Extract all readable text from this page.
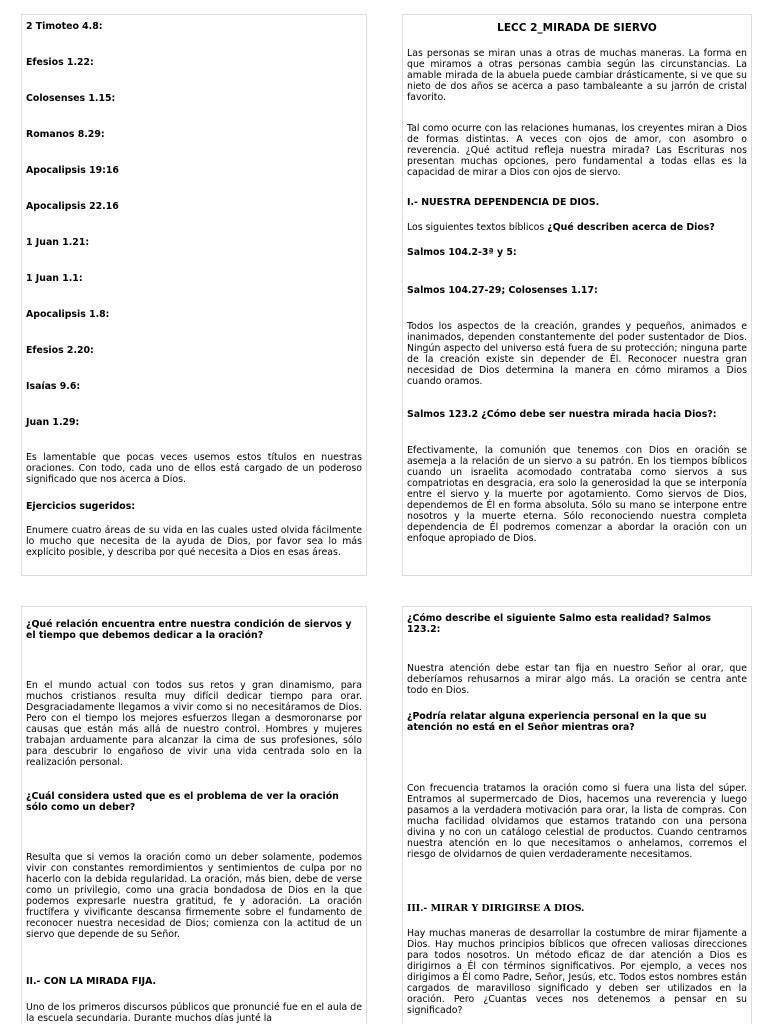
2 Timoteo 4.8:
Efesios 1.22:
Colosenses 1.15:
Romanos 8.29:
Apocalipsis 19:16
Apocalipsis 22.16
1 Juan 1.21:
1 Juan 1.1:
Apocalipsis 1.8:
Efesios 2.20:
Isaías 9.6:
Juan 1.29:

Es lamentable que pocas veces usemos estos títulos en nuestras oraciones. Con todo, cada uno de ellos está cargado de un poderoso significado que nos acerca a Dios.

Ejercicios sugeridos:

Enumere cuatro áreas de su vida en las cuales usted olvida fácilmente lo mucho que necesita de la ayuda de Dios, por favor sea lo más explícito posible, y describa por qué necesita a Dios en esas áreas.

LECC 2_MIRADA DE SIERVO

Las personas se miran unas a otras de muchas maneras. La forma en que miramos a otras personas cambia según las circunstancias. La amable mirada de la abuela puede cambiar drásticamente, si ve que su nieto de dos años se acerca a paso tambaleante a su jarrón de cristal favorito.

Tal como ocurre con las relaciones humanas, los creyentes miran a Dios de formas distintas. A veces con ojos de amor, con asombro o reverencia. ¿Qué actitud refleja nuestra mirada? Las Escrituras nos presentan muchas opciones, pero fundamental a todas ellas es la capacidad de mirar a Dios con ojos de siervo.

I.- NUESTRA DEPENDENCIA DE DIOS.

Los siguientes textos bíblicos ¿Qué describen acerca de Dios?

Salmos 104.2-3ª y 5:
Salmos 104.27-29; Colosenses 1.17:

Todos los aspectos de la creación, grandes y pequeños, animados e inanimados, dependen constantemente del poder sustentador de Dios. Ningún aspecto del universo está fuera de su protección; ninguna parte de la creación existe sin depender de Él. Reconocer nuestra gran necesidad de Dios determina la manera en cómo miramos a Dios cuando oramos.

Salmos 123.2 ¿Cómo debe ser nuestra mirada hacia Dios?:

Efectivamente, la comunión que tenemos con Dios en oración se asemeja a la relación de un siervo a su patrón. En los tiempos bíblicos cuando un israelita acomodado contrataba como siervos a sus compatriotas en desgracia, era solo la generosidad la que se interponía entre el siervo y la muerte por agotamiento. Como siervos de Dios, dependemos de Él en forma absoluta. Sólo su mano se interpone entre nosotros y la muerte eterna. Sólo reconociendo nuestra completa dependencia de Él podremos comenzar a abordar la oración con un enfoque apropiado de Dios.

¿Qué relación encuentra entre nuestra condición de siervos y el tiempo que debemos dedicar a la oración?

En el mundo actual con todos sus retos y gran dinamismo, para muchos cristianos resulta muy difícil dedicar tiempo para orar. Desgraciadamente llegamos a vivir como si no necesitáramos de Dios. Pero con el tiempo los mejores esfuerzos llegan a desmoronarse por causas que están más allá de nuestro control. Hombres y mujeres trabajan arduamente para alcanzar la cima de sus profesiones, sólo para descubrir lo engañoso de vivir una vida centrada solo en la realización personal.

¿Cuál considera usted que es el problema de ver la oración sólo como un deber?

Resulta que si vemos la oración como un deber solamente, podemos vivir con constantes remordimientos y sentimientos de culpa por no hacerlo con la debida regularidad. La oración, más bien, debe de verse como un privilegio, como una gracia bondadosa de Dios en la que podemos expresarle nuestra gratitud, fe y adoración. La oración fructífera y vivificante descansa firmemente sobre el fundamento de reconocer nuestra necesidad de Dios; comienza con la actitud de un siervo que depende de su Señor.

II.- CON LA MIRADA FIJA.

Uno de los primeros discursos públicos que pronuncié fue en el aula de la escuela secundaria. Durante muchos días junté la

¿Cómo describe el siguiente Salmo esta realidad? Salmos 123.2:

Nuestra atención debe estar tan fija en nuestro Señor al orar, que deberíamos rehusarnos a mirar algo más. La oración se centra ante todo en Dios.

¿Podría relatar alguna experiencia personal en la que su atención no está en el Señor mientras ora?

Con frecuencia tratamos la oración como si fuera una lista del súper. Entramos al supermercado de Dios, hacemos una reverencia y luego pasamos a la verdadera motivación para orar, la lista de compras. Con mucha facilidad olvidamos que estamos tratando con una persona divina y no con un catálogo celestial de productos. Cuando centramos nuestra atención en lo que necesitamos o anhelamos, corremos el riesgo de olvidarnos de quien verdaderamente necesitamos.

III.- MIRAR Y DIRIGIRSE A DIOS.

Hay muchas maneras de desarrollar la costumbre de mirar fijamente a Dios. Hay muchos principios bíblicos que ofrecen valiosas direcciones para todos nosotros. Un método eficaz de dar atención a Dios es dirigirnos a Él con términos significativos. Por ejemplo, a veces nos dirigimos a Él como Padre, Señor, Jesús, etc. Todos estos nombres están cargados de maravilloso significado y deben ser utilizados en la oración. Pero ¿Cuantas veces nos detenemos a pensar en su significado?
